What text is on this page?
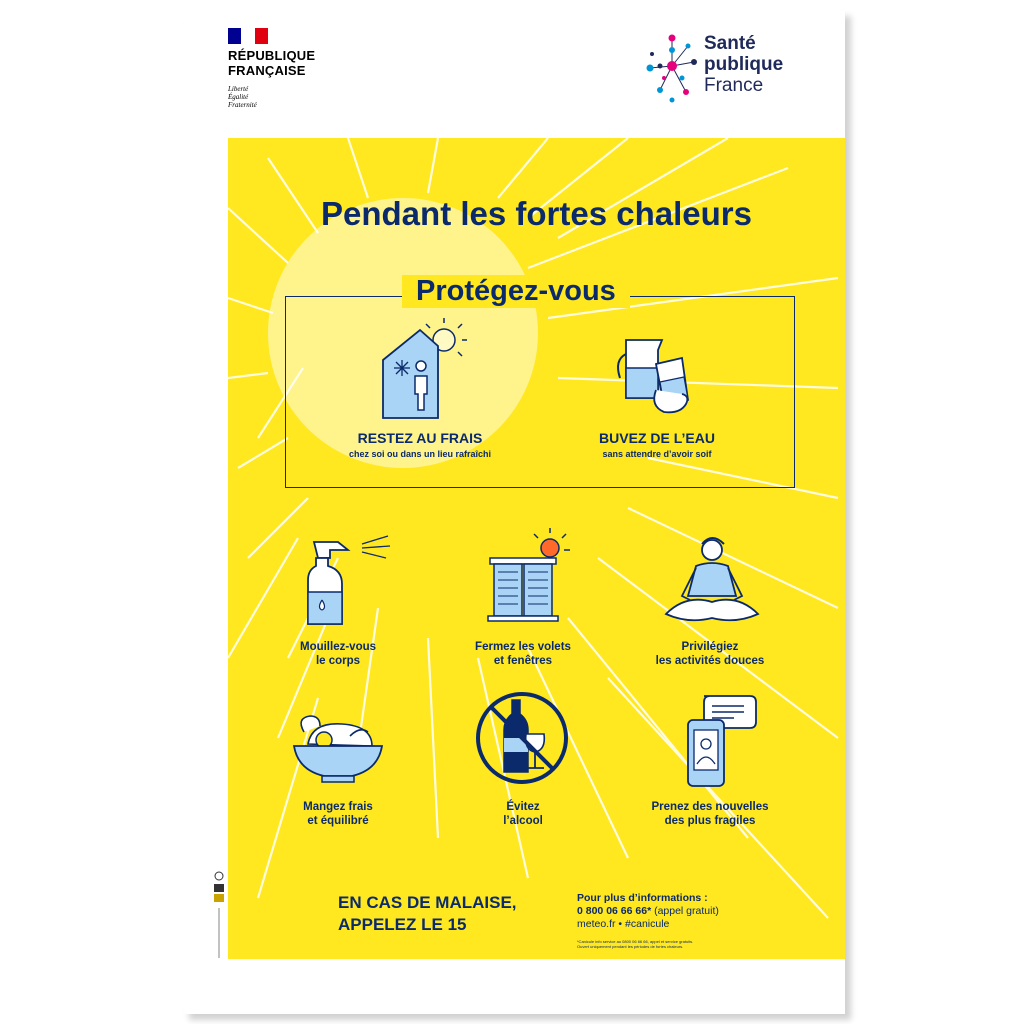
RÉPUBLIQUE
FRANÇAISE
Liberté
Égalité
Fraternité
Santé
publique
France
Pendant les fortes chaleurs
Protégez-vous
RESTEZ AU FRAIS
chez soi ou dans un lieu rafraîchi
BUVEZ DE L’EAU
sans attendre d’avoir soif
Mouillez-vous
le corps
Fermez les volets
et fenêtres
Privilégiez
les activités douces
Mangez frais
et équilibré
Évitez
l’alcool
Prenez des nouvelles
des plus fragiles
EN CAS DE MALAISE,
APPELEZ LE 15
Pour plus d’informations :
0 800 06 66 66* (appel gratuit)
meteo.fr • #canicule
*Canicule info service au 0800 06 66 66, appel et service gratuits.
Ouvert uniquement pendant les périodes de fortes chaleurs.
